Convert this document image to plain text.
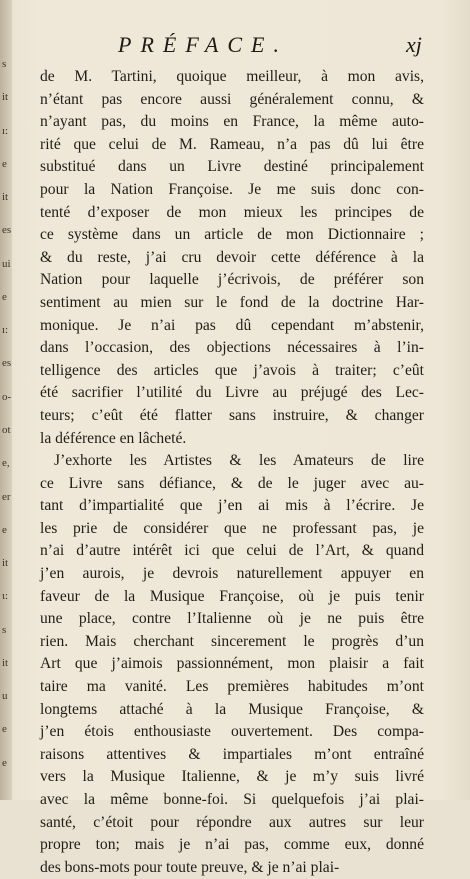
s
it
ı:
e
it
es
ui
e
ı:
es
o-
ot
e,
er
e
it
ɩ:
s
it
u
e
e
PRÉFACE.	xj
de M. Tartini, quoique meilleur, à mon avis,
n’étant pas encore aussi généralement connu, &
n’ayant pas, du moins en France, la même auto-
rité que celui de M. Rameau, n’a pas dû lui être
substitué dans un Livre destiné principalement
pour la Nation Françoise. Je me suis donc con-
tenté d’exposer de mon mieux les principes de
ce système dans un article de mon Dictionnaire ;
& du reste, j’ai cru devoir cette déférence à la
Nation pour laquelle j’écrivois, de préférer son
sentiment au mien sur le fond de la doctrine Har-
monique. Je n’ai pas dû cependant m’abstenir,
dans l’occasion, des objections nécessaires à l’in-
telligence des articles que j’avois à traiter; c’eût
été sacrifier l’utilité du Livre au préjugé des Lec-
teurs; c’eût été flatter sans instruire, & changer
la déférence en lâcheté.
J’exhorte les Artistes & les Amateurs de lire
ce Livre sans défiance, & de le juger avec au-
tant d’impartialité que j’en ai mis à l’écrire. Je
les prie de considérer que ne professant pas, je
n’ai d’autre intérêt ici que celui de l’Art, & quand
j’en aurois, je devrois naturellement appuyer en
faveur de la Musique Françoise, où je puis tenir
une place, contre l’Italienne où je ne puis être
rien. Mais cherchant sincerement le progrès d’un
Art que j’aimois passionnément, mon plaisir a fait
taire ma vanité. Les premières habitudes m’ont
longtems attaché à la Musique Françoise, &
j’en étois enthousiaste ouvertement. Des compa-
raisons attentives & impartiales m’ont entraîné
vers la Musique Italienne, & je m’y suis livré
avec la même bonne-foi. Si quelquefois j’ai plai-
santé, c’étoit pour répondre aux autres sur leur
propre ton; mais je n’ai pas, comme eux, donné
des bons-mots pour toute preuve, & je n’ai plai-
